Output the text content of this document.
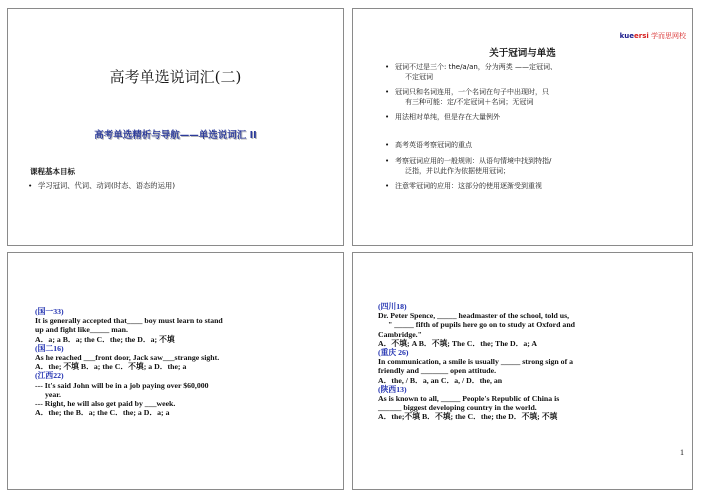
高考单选说词汇(二)
高考单选精析与导航——单选说词汇 II
课程基本目标
• 学习冠词、代词、动词(时态、语态的运用)
kueersi 学而思网校
关于冠词与单选
• 冠词不过是三个: the/a/an，分为两类 ——定冠词、
不定冠词
• 冠词只和名词连用，一个名词在句子中出现时，只
有三种可能：定/不定冠词＋名词；无冠词
• 用法相对单纯，但是存在大量例外
• 高考英语考察冠词的重点
• 考察冠词应用的一般规则：从语句情境中找到特指/
泛指，并以此作为依据使用冠词；
• 注意零冠词的应用：这部分的使用逐渐受到重视
(国一33)
It is generally accepted that____ boy must learn to stand
up and fight like_____ man.
A．a; a B．a; the C．the; the D．a; 不填
(国二16)
As he reached ___front door, Jack saw___strange sight.
A．the; 不填 B．a; the C．不填; a D．the; a
(江西22)
--- It's said John will be in a job paying over $60,000
year.
--- Right, he will also get paid by ___week.
A．the; the B．a; the C．the; a D．a; a
(四川18)
Dr. Peter Spence, _____ headmaster of the school, told us,
" _____ fifth of pupils here go on to study at Oxford and
Cambridge."
A．不填; A B．不填; The C．the; The D．a; A
(重庆 26)
In communication, a smile is usually _____ strong sign of a
friendly and _______ open attitude.
A．the, / B．a, an C．a, / D．the, an
(陕西13)
As is known to all, _____ People's Republic of China is
______ biggest developing country in the world.
A．the;不填 B．不填; the C．the; the D．不填; 不填
1
